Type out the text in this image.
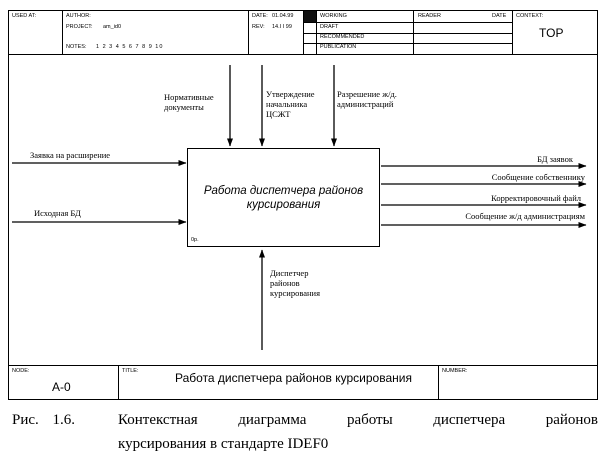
USED AT:	AUTHOR:
PROJECT: am_id0
NOTES: 1 2 3 4 5 6 7 8 9 10
DATE: 01.04.99
REV: 14.I I 99
WORKING
DRAFT
RECOMMENDED
PUBLICATION
READER	DATE CONTEXT:
TOP
Работа диспетчера районов курсирования
0р.
Нормативные документы
Утверждение начальника ЦСЖТ
Разрешение ж/д. администраций
Заявка на расширение
Исходная БД
БД заявок
Сообщение собственнику
Корректировочный файл
Сообщение ж/д администрациям
Диспетчер районов курсирования
NODE:
A-0
TITLE:	Работа диспетчера районов курсирования	NUMBER:
Рис. 1.6.	Контекстная диаграмма работы диспетчера районов
курсирования в стандарте IDEF0
